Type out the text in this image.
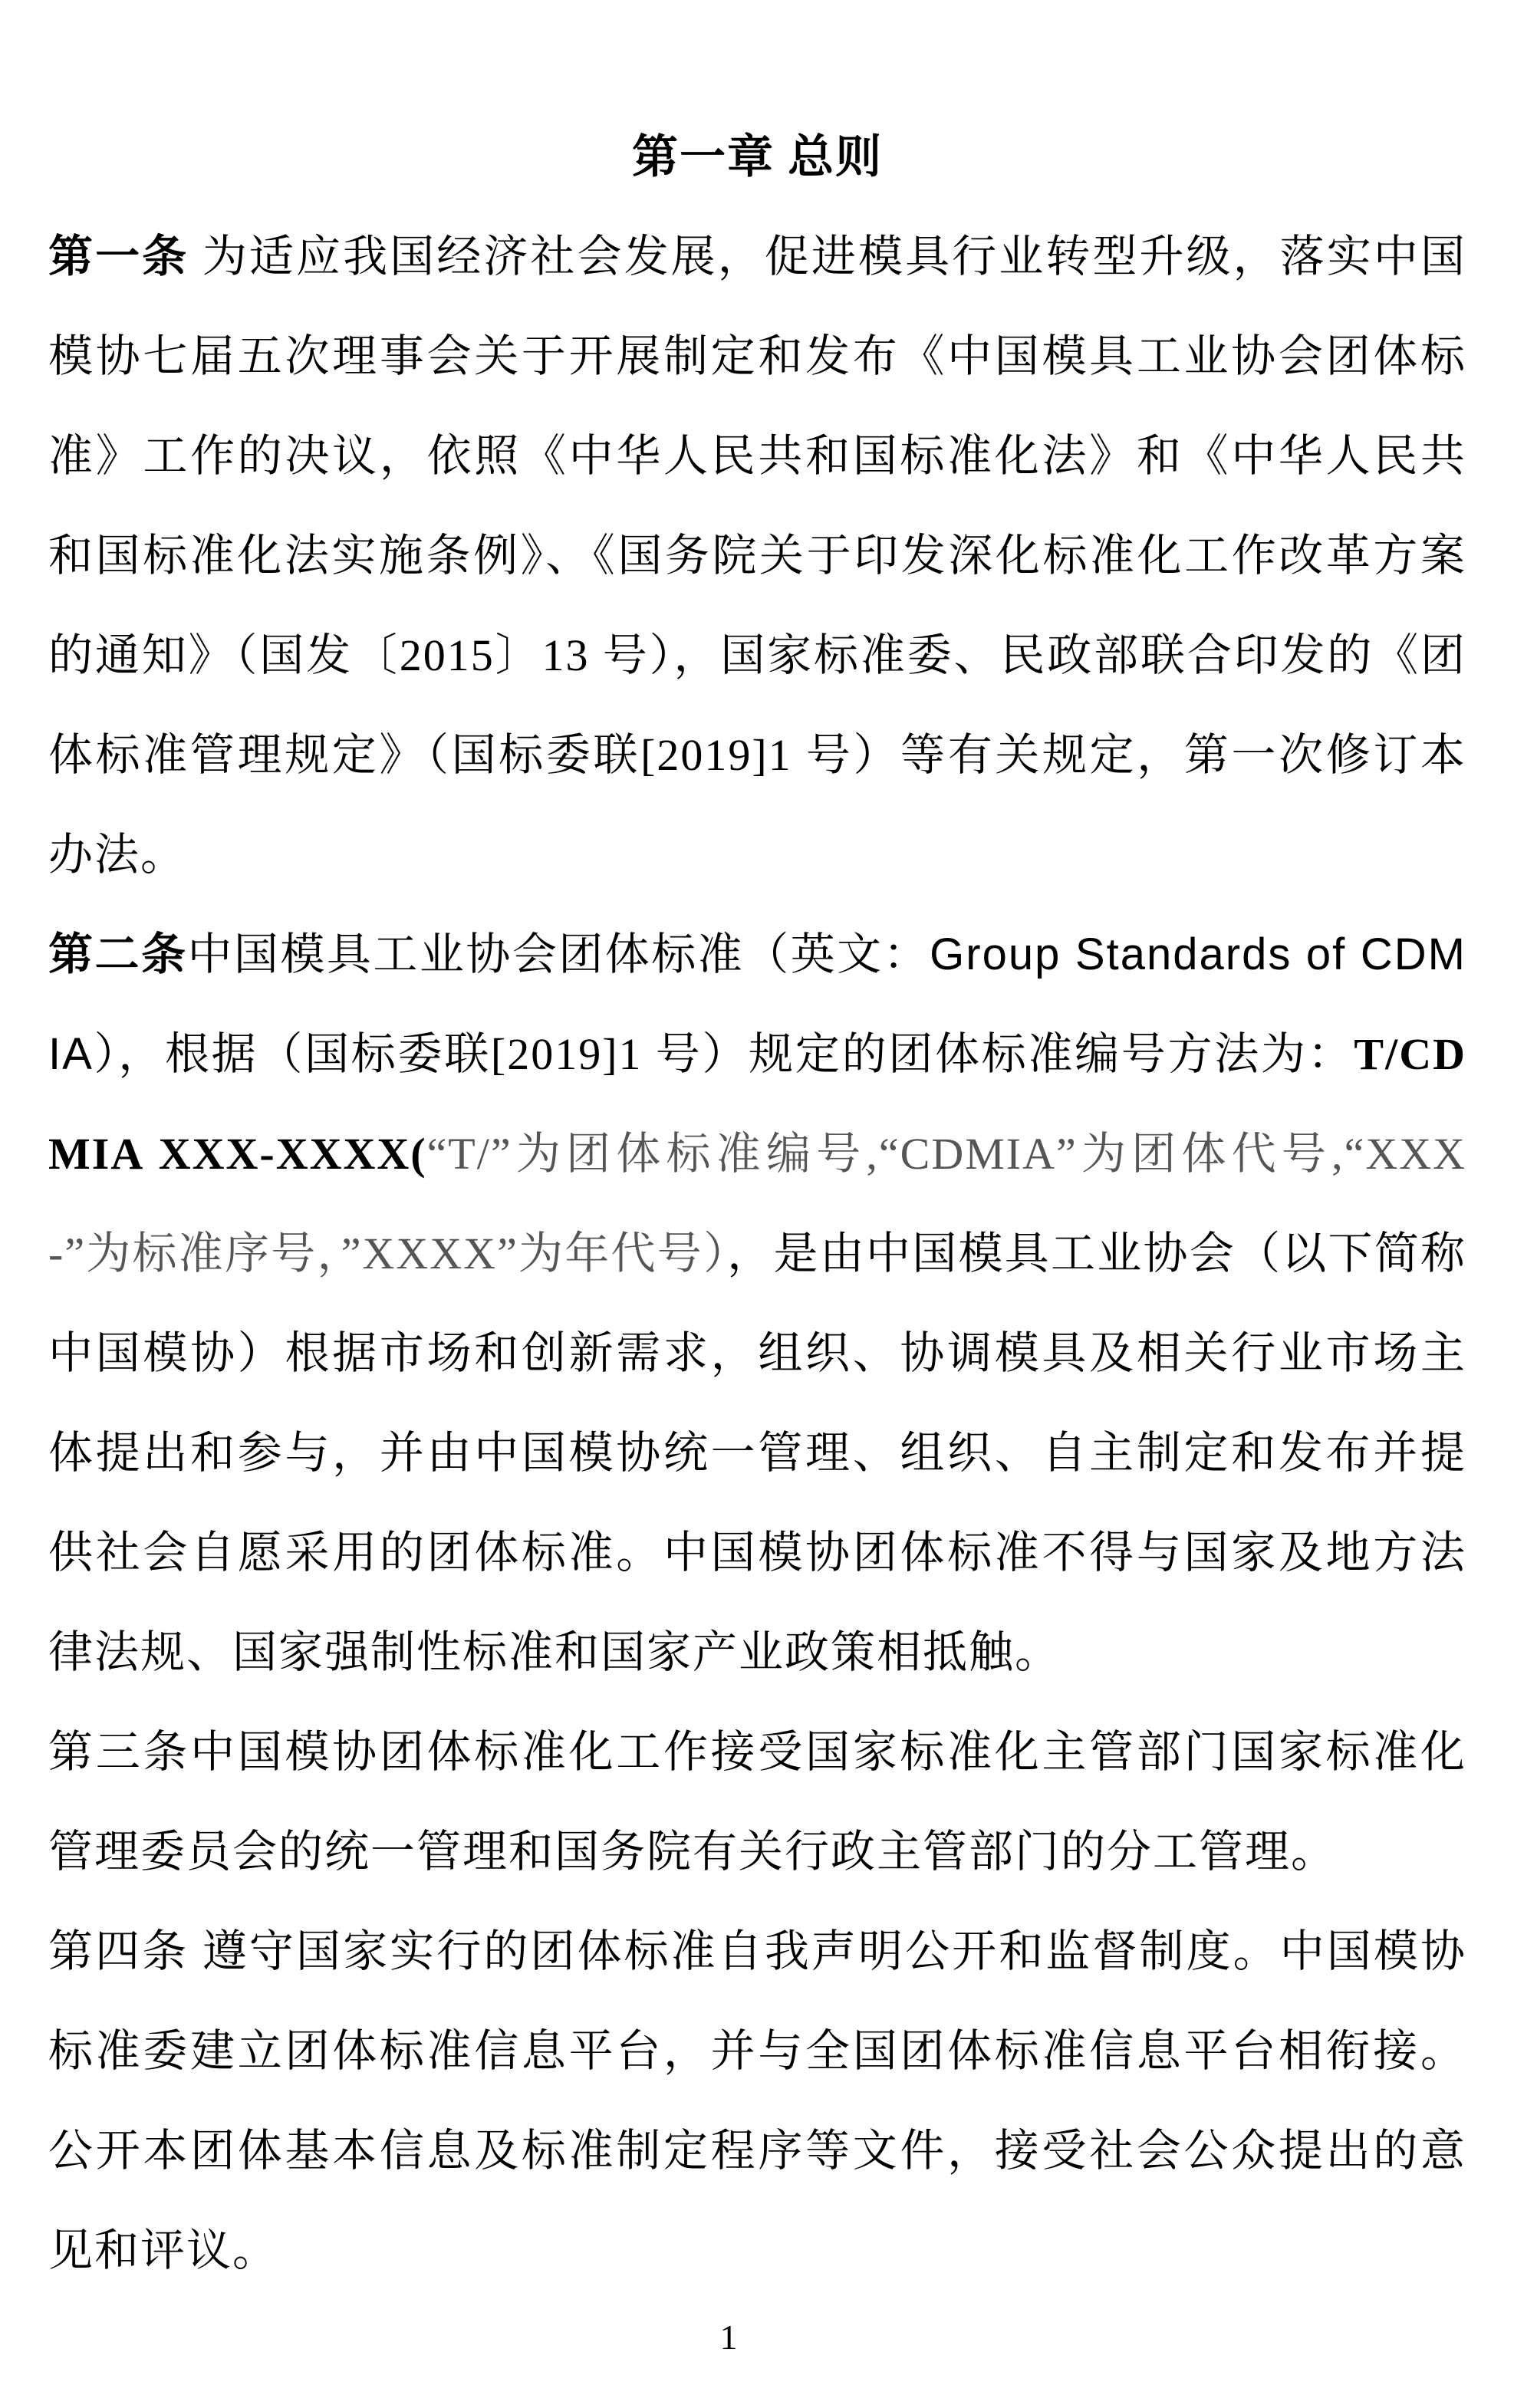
第一章 总则

第一条 为适应我国经济社会发展，促进模具行业转型升级，落实中国模协七届五次理事会关于开展制定和发布《中国模具工业协会团体标准》工作的决议，依照《中华人民共和国标准化法》和《中华人民共和国标准化法实施条例》、《国务院关于印发深化标准化工作改革方案的通知》（国发〔2015〕13 号），国家标准委、民政部联合印发的《团体标准管理规定》（国标委联[2019]1 号）等有关规定，第一次修订本办法。

第二条中国模具工业协会团体标准（英文：Group Standards of CDMIA），根据（国标委联[2019]1 号）规定的团体标准编号方法为：T/CDMIA XXX-XXXX(“T/”为团体标准编号,“CDMIA”为团体代号,“XXX-”为标准序号，”XXXX”为年代号），是由中国模具工业协会（以下简称中国模协）根据市场和创新需求，组织、协调模具及相关行业市场主体提出和参与，并由中国模协统一管理、组织、自主制定和发布并提供社会自愿采用的团体标准。中国模协团体标准不得与国家及地方法律法规、国家强制性标准和国家产业政策相抵触。

第三条中国模协团体标准化工作接受国家标准化主管部门国家标准化管理委员会的统一管理和国务院有关行政主管部门的分工管理。

第四条 遵守国家实行的团体标准自我声明公开和监督制度。中国模协标准委建立团体标准信息平台，并与全国团体标准信息平台相衔接。公开本团体基本信息及标准制定程序等文件，接受社会公众提出的意见和评议。

1
